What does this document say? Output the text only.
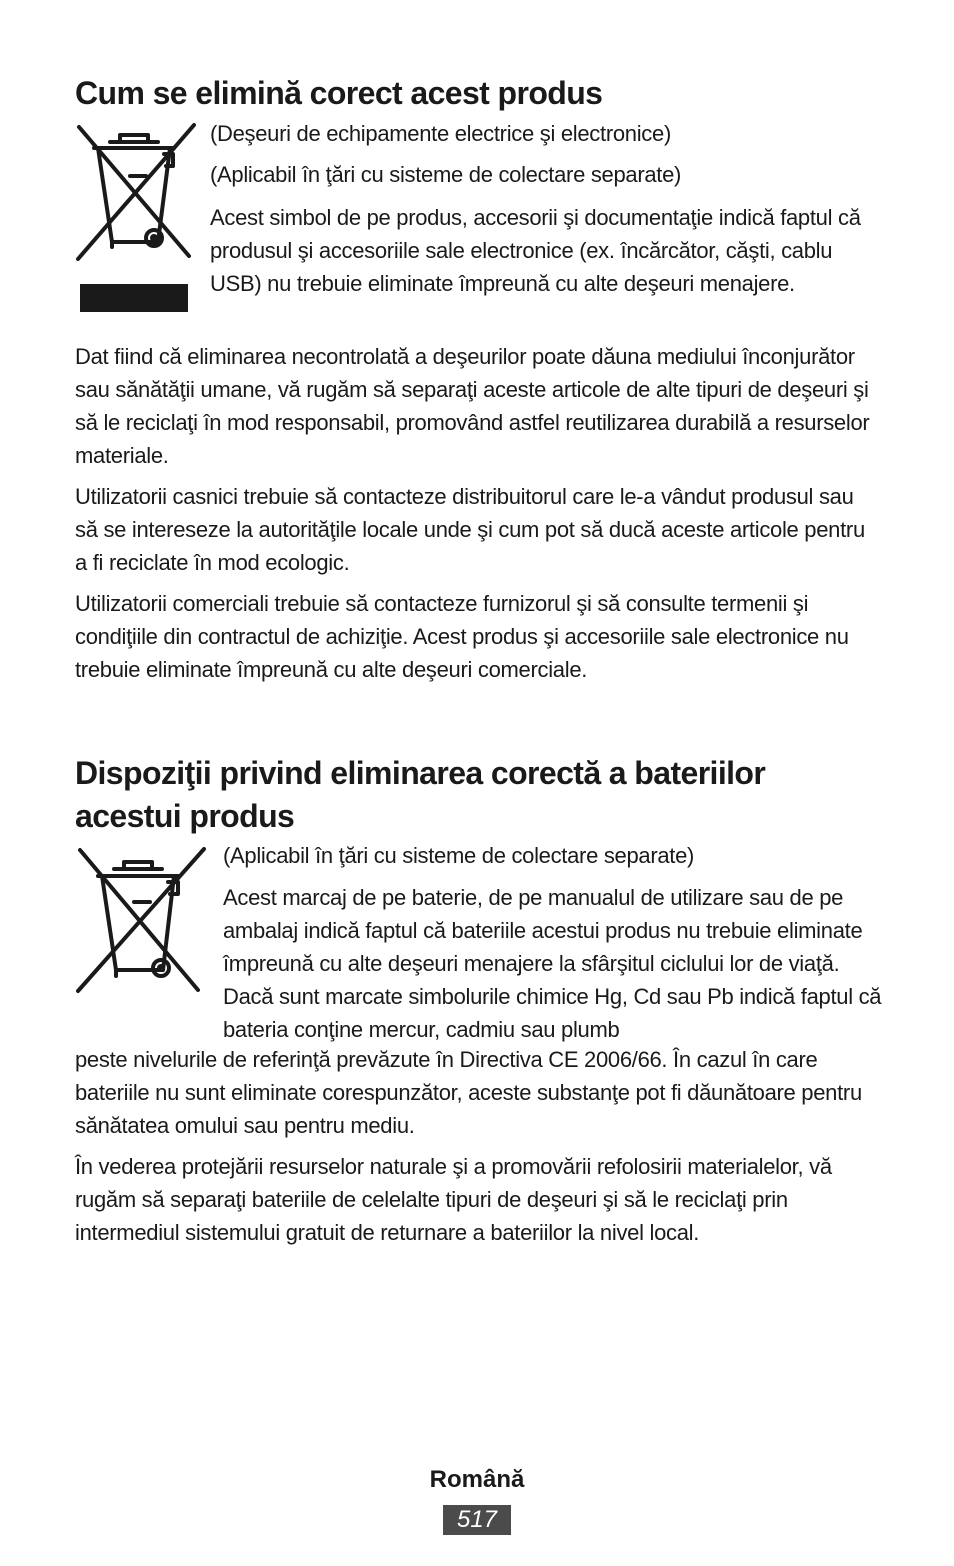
Cum se elimină corect acest produs

(Deşeuri de echipamente electrice şi electronice)

(Aplicabil în ţări cu sisteme de colectare separate)

Acest simbol de pe produs, accesorii şi documentaţie indică faptul că produsul şi accesoriile sale electronice (ex. încărcător, căşti, cablu USB) nu trebuie eliminate împreună cu alte deşeuri menajere.

Dat fiind că eliminarea necontrolată a deşeurilor poate dăuna mediului înconjurător sau sănătăţii umane, vă rugăm să separaţi aceste articole de alte tipuri de deşeuri şi să le reciclaţi în mod responsabil, promovând astfel reutilizarea durabilă a resurselor materiale.

Utilizatorii casnici trebuie să contacteze distribuitorul care le-a vândut produsul sau să se intereseze la autorităţile locale unde şi cum pot să ducă aceste articole pentru a fi reciclate în mod ecologic.

Utilizatorii comerciali trebuie să contacteze furnizorul şi să consulte termenii şi condiţiile din contractul de achiziţie. Acest produs şi accesoriile sale electronice nu trebuie eliminate împreună cu alte deşeuri comerciale.

Dispoziţii privind eliminarea corectă a bateriilor acestui produs

(Aplicabil în ţări cu sisteme de colectare separate)

Acest marcaj de pe baterie, de pe manualul de utilizare sau de pe ambalaj indică faptul că bateriile acestui produs nu trebuie eliminate împreună cu alte deşeuri menajere la sfârşitul ciclului lor de viaţă. Dacă sunt marcate simbolurile chimice Hg, Cd sau Pb indică faptul că bateria conţine mercur, cadmiu sau plumb

peste nivelurile de referinţă prevăzute în Directiva CE 2006/66. În cazul în care bateriile nu sunt eliminate corespunzător, aceste substanţe pot fi dăunătoare pentru sănătatea omului sau pentru mediu.

În vederea protejării resurselor naturale şi a promovării refolosirii materialelor, vă rugăm să separaţi bateriile de celelalte tipuri de deşeuri şi să le reciclaţi prin intermediul sistemului gratuit de returnare a bateriilor la nivel local.

Română
517
